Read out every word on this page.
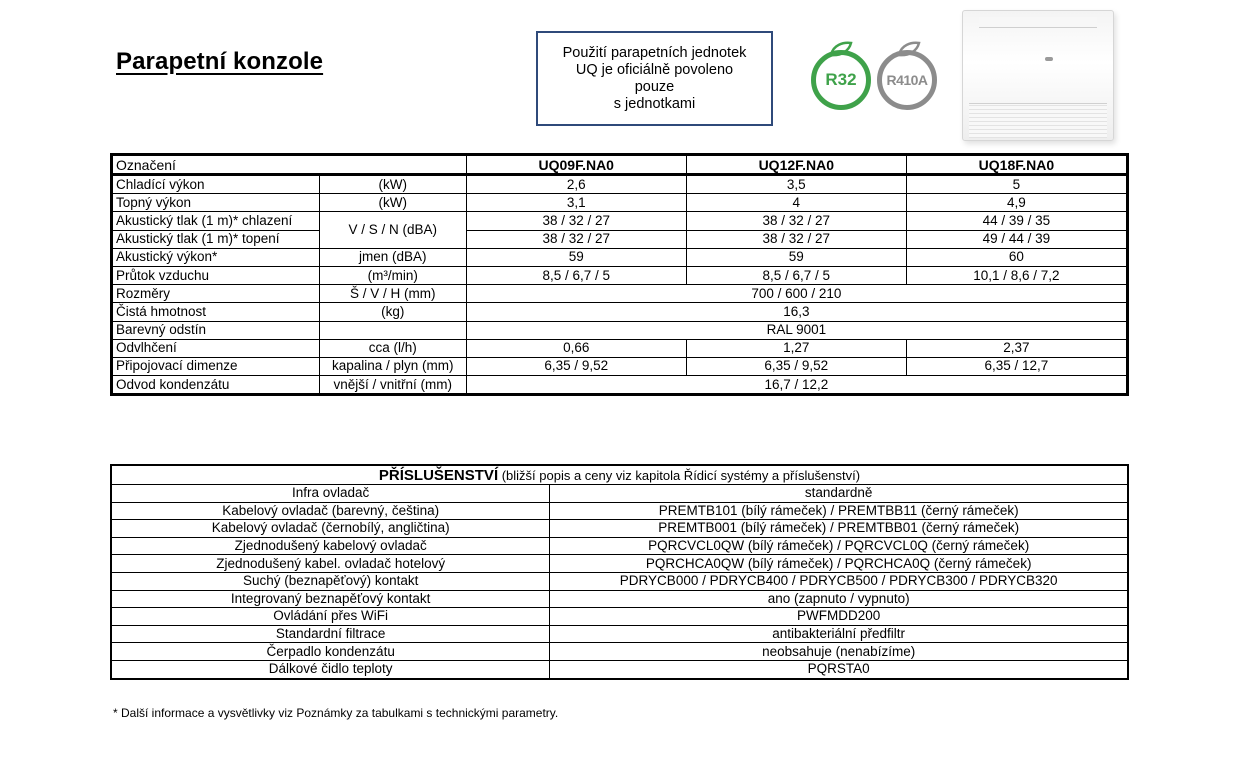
Parapetní konzole	Použití parapetních jednotek
UQ je oficiálně povoleno
pouze
s jednotkami
R32 R410A
Označení		UQ09F.NA0	UQ12F.NA0	UQ18F.NA0
Chladící výkon	(kW)	2,6	3,5	5
Topný výkon	(kW)	3,1	4	4,9
Akustický tlak (1 m)* chlazení	V / S / N (dBA)	38 / 32 / 27	38 / 32 / 27	44 / 39 / 35
Akustický tlak (1 m)* topení		38 / 32 / 27	38 / 32 / 27	49 / 44 / 39
Akustický výkon*	jmen (dBA)	59	59	60
Průtok vzduchu	(m³/min)	8,5 / 6,7 / 5	8,5 / 6,7 / 5	10,1 / 8,6 / 7,2
Rozměry	Š / V / H (mm)	700 / 600 / 210		
Čistá hmotnost	(kg)	16,3		
Barevný odstín		RAL 9001		
Odvlhčení	cca (l/h)	0,66	1,27	2,37
Připojovací dimenze	kapalina / plyn (mm)	6,35 / 9,52	6,35 / 9,52	6,35 / 12,7
Odvod kondenzátu	vnější / vnitřní (mm)	16,7 / 12,2		
PŘÍSLUŠENSTVÍ (bližší popis a ceny viz kapitola Řídicí systémy a příslušenství)	
Infra ovladač	standardně
Kabelový ovladač (barevný, čeština)	PREMTB101 (bílý rámeček) / PREMTBB11 (černý rámeček)
Kabelový ovladač (černobílý, angličtina)	PREMTB001 (bílý rámeček) / PREMTBB01 (černý rámeček)
Zjednodušený kabelový ovladač	PQRCVCL0QW (bílý rámeček) / PQRCVCL0Q (černý rámeček)
Zjednodušený kabel. ovladač hotelový	PQRCHCA0QW (bílý rámeček) / PQRCHCA0Q (černý rámeček)
Suchý (beznapěťový) kontakt	PDRYCB000 / PDRYCB400 / PDRYCB500 / PDRYCB300 / PDRYCB320
Integrovaný beznapěťový kontakt	ano (zapnuto / vypnuto)
Ovládání přes WiFi	PWFMDD200
Standardní filtrace	antibakteriální předfiltr
Čerpadlo kondenzátu	neobsahuje (nenabízíme)
Dálkové čidlo teploty	PQRSTA0
* Další informace a vysvětlivky viz Poznámky za tabulkami s technickými parametry.
